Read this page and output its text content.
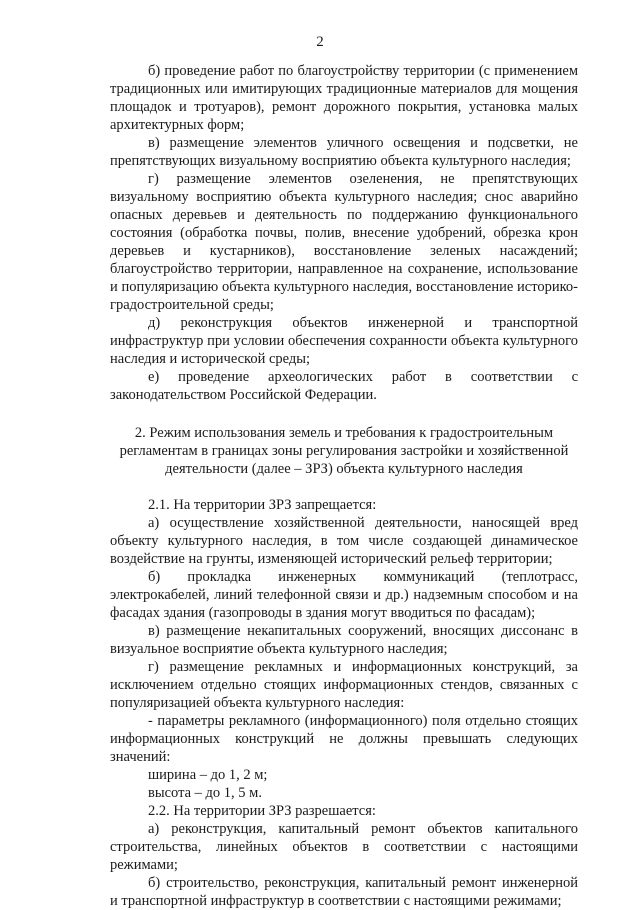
2

б) проведение работ по благоустройству территории (с применением традиционных или имитирующих традиционные материалов для мощения площадок и тротуаров), ремонт дорожного покрытия, установка малых архитектурных форм;

в) размещение элементов уличного освещения и подсветки, не препятствующих визуальному восприятию объекта культурного наследия;

г) размещение элементов озеленения, не препятствующих визуальному восприятию объекта культурного наследия; снос аварийно опасных деревьев и деятельность по поддержанию функционального состояния (обработка почвы, полив, внесение удобрений, обрезка крон деревьев и кустарников), восстановление зеленых насаждений; благоустройство территории, направленное на сохранение, использование и популяризацию объекта культурного наследия, восстановление историко-градостроительной среды;

д) реконструкция объектов инженерной и транспортной инфраструктур при условии обеспечения сохранности объекта культурного наследия и исторической среды;

е) проведение археологических работ в соответствии с законодательством Российской Федерации.

2. Режим использования земель и требования к градостроительным
регламентам в границах зоны регулирования застройки и хозяйственной
деятельности (далее – ЗРЗ) объекта культурного наследия

2.1. На территории ЗРЗ запрещается:

а) осуществление хозяйственной деятельности, наносящей вред объекту культурного наследия, в том числе создающей динамическое воздействие на грунты, изменяющей исторический рельеф территории;

б) прокладка инженерных коммуникаций (теплотрасс, электрокабелей, линий телефонной связи и др.) надземным способом и на фасадах здания (газопроводы в здания могут вводиться по фасадам);

в) размещение некапитальных сооружений, вносящих диссонанс в визуальное восприятие объекта культурного наследия;

г) размещение рекламных и информационных конструкций, за исключением отдельно стоящих информационных стендов, связанных с популяризацией объекта культурного наследия:

- параметры рекламного (информационного) поля отдельно стоящих информационных конструкций не должны превышать следующих значений:

ширина – до 1, 2 м;

высота – до 1, 5 м.

2.2. На территории ЗРЗ разрешается:

а) реконструкция, капитальный ремонт объектов капитального строительства, линейных объектов в соответствии с настоящими режимами;

б) строительство, реконструкция, капитальный ремонт инженерной и транспортной инфраструктур в соответствии с настоящими режимами;
